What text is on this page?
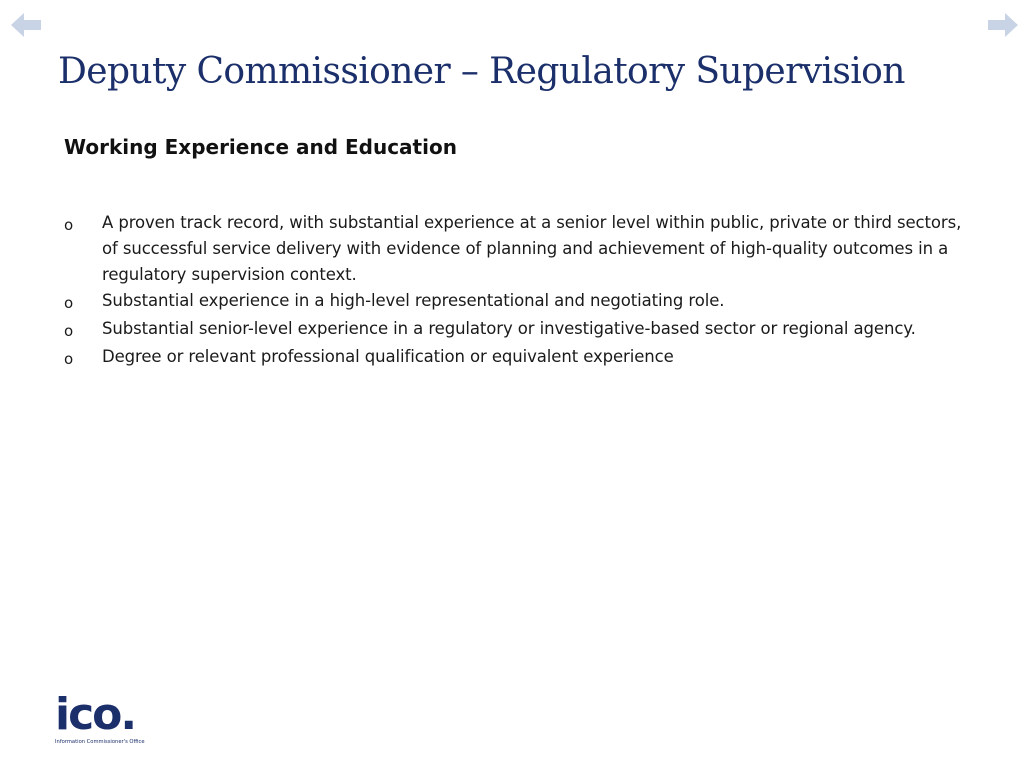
Deputy Commissioner – Regulatory Supervision
Working Experience and Education
o	A proven track record, with substantial experience at a senior level within public, private or third sectors, of successful service delivery with evidence of planning and achievement of high-quality outcomes in a regulatory supervision context.
o	Substantial experience in a high-level representational and negotiating role.
o	Substantial senior-level experience in a regulatory or investigative-based sector or regional agency.
o	Degree or relevant professional qualification or equivalent experience
ico.
Information Commissioner's Office
